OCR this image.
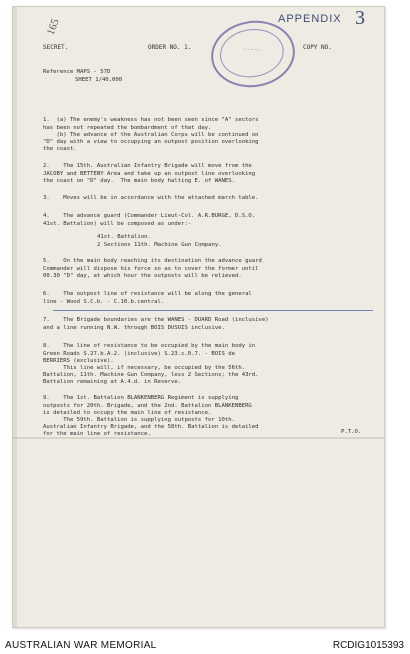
165
~ ~ ~ ~ ~
APPENDIX 3
SECRET.	ORDER NO. 1.	COPY NO.
Reference MAPS - 57D
SHEET 1/40,000

1.  (a) The enemy's weakness has not been seen since "A" sectors
has been not repeated the bombardment of that day.
(b) The advance of the Australian Corps will be continued on
"D" day with a view to occupying an outpost position overlooking
the coast.

2.    The 15th. Australian Infantry Brigade will move from the
JACOBY and BETTENY Area and take up an outpost line overlooking
the coast on "D" day.  The main body halting E. of WANES.

3.    Moves will be in accordance with the attached march table.

4.    The advance guard (Commander Lieut-Col. A.R.BURGE, D.S.O.
41st. Battalion) will be composed as under:-

41st. Battalion.
2 Sections 11th. Machine Gun Company.

5.    On the main body reaching its destination the advance guard
Commander will dispose his force so as to cover the former until
00.30 "D" day, at which hour the outposts will be relieved.

6.    The outpost line of resistance will be along the general
line - Wood S.C.b. - C.10.b.central.

7.    The Brigade boundaries are the WANES - DUARD Road (inclusive)
and a line running N.W. through BOIS DUSOIS inclusive.

8.    The line of resistance to be occupied by the main body in
Green Roads S.27.b.A.2. (inclusive) S.23.c.0.7. - BOIS de
BERRIERS (exclusive).
This line will, if necessary, be occupied by the 56th.
Battalion, 11th. Machine Gun Company, less 2 Sections; the 43rd.
Battalion remaining at A.4.d. in Reserve.

9.    The 1st. Battalion BLANKENBERG Regiment is supplying
outposts for 20th. Brigade, and the 2nd. Battalion BLANKENBERG
is detailed to occupy the main line of resistance.
The 59th. Battalion is supplying outposts for 10th.
Australian Infantry Brigade, and the 58th. Battalion is detailed
for the main line of resistance.

	P.T.O.
AUSTRALIAN WAR MEMORIAL	RCDIG1015393
